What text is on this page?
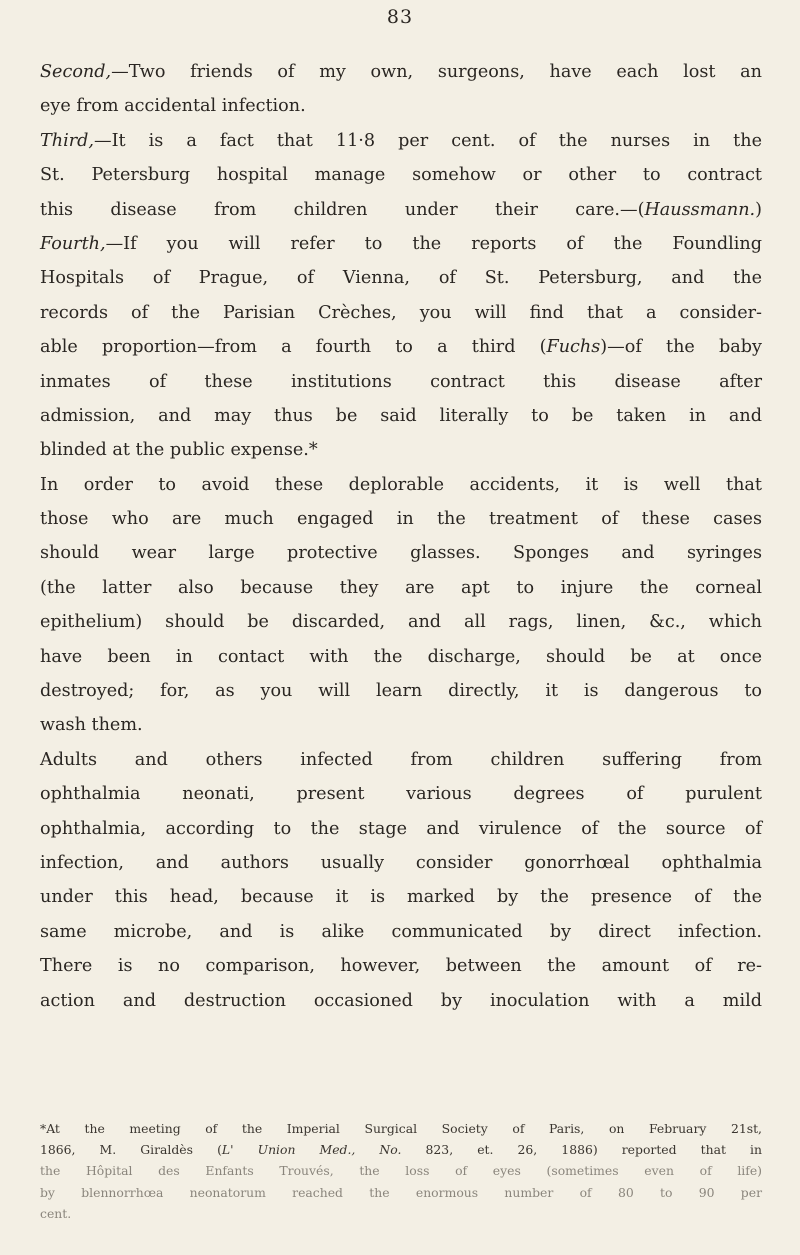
83
Second,—Two friends of my own, surgeons, have each lost an
eye from accidental infection.
Third,—It is a fact that 11·8 per cent. of the nurses in the
St. Petersburg hospital manage somehow or other to contract
this disease from children under their care.—(Haussmann.)
Fourth,—If you will refer to the reports of the Foundling
Hospitals of Prague, of Vienna, of St. Petersburg, and the
records of the Parisian Crèches, you will find that a consider-
able proportion—from a fourth to a third (Fuchs)—of the baby
inmates of these institutions contract this disease after
admission, and may thus be said literally to be taken in and
blinded at the public expense.*
In order to avoid these deplorable accidents, it is well that
those who are much engaged in the treatment of these cases
should wear large protective glasses. Sponges and syringes
(the latter also because they are apt to injure the corneal
epithelium) should be discarded, and all rags, linen, &c., which
have been in contact with the discharge, should be at once
destroyed; for, as you will learn directly, it is dangerous to
wash them.
Adults and others infected from children suffering from
ophthalmia neonati, present various degrees of purulent
ophthalmia, according to the stage and virulence of the source of
infection, and authors usually consider gonorrhœal ophthalmia
under this head, because it is marked by the presence of the
same microbe, and is alike communicated by direct infection.
There is no comparison, however, between the amount of re-
action and destruction occasioned by inoculation with a mild
*At the meeting of the Imperial Surgical Society of Paris, on February 21st,
1866, M. Giraldès (L' Union Med., No. 823, et. 26, 1886) reported that in
the Hôpital des Enfants Trouvés, the loss of eyes (sometimes even of life)
by blennorrhœa neonatorum reached the enormous number of 80 to 90 per
cent.
